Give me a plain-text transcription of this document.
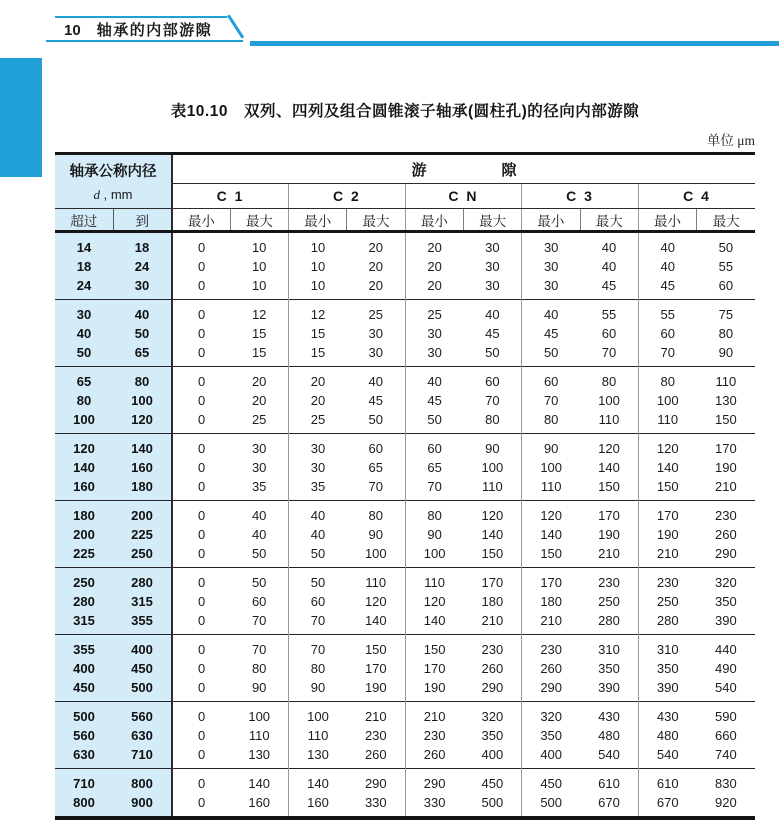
10 轴承的内部游隙
表10.10　双列、四列及组合圆锥滚子轴承(圆柱孔)的径向内部游隙
单位 μm
轴承公称内径
d , mm		游　　　　　隙									
		C 1		C 2		C N		C 3		C 4	
超过	到	最小	最大	最小	最大	最小	最大	最小	最大	最小	最大
14	18	0	10	10	20	20	30	30	40	40	50
18	24	0	10	10	20	20	30	30	40	40	55
24	30	0	10	10	20	20	30	30	45	45	60
30	40	0	12	12	25	25	40	40	55	55	75
40	50	0	15	15	30	30	45	45	60	60	80
50	65	0	15	15	30	30	50	50	70	70	90
65	80	0	20	20	40	40	60	60	80	80	110
80	100	0	20	20	45	45	70	70	100	100	130
100	120	0	25	25	50	50	80	80	110	110	150
120	140	0	30	30	60	60	90	90	120	120	170
140	160	0	30	30	65	65	100	100	140	140	190
160	180	0	35	35	70	70	110	110	150	150	210
180	200	0	40	40	80	80	120	120	170	170	230
200	225	0	40	40	90	90	140	140	190	190	260
225	250	0	50	50	100	100	150	150	210	210	290
250	280	0	50	50	110	110	170	170	230	230	320
280	315	0	60	60	120	120	180	180	250	250	350
315	355	0	70	70	140	140	210	210	280	280	390
355	400	0	70	70	150	150	230	230	310	310	440
400	450	0	80	80	170	170	260	260	350	350	490
450	500	0	90	90	190	190	290	290	390	390	540
500	560	0	100	100	210	210	320	320	430	430	590
560	630	0	110	110	230	230	350	350	480	480	660
630	710	0	130	130	260	260	400	400	540	540	740
710	800	0	140	140	290	290	450	450	610	610	830
800	900	0	160	160	330	330	500	500	670	670	920
